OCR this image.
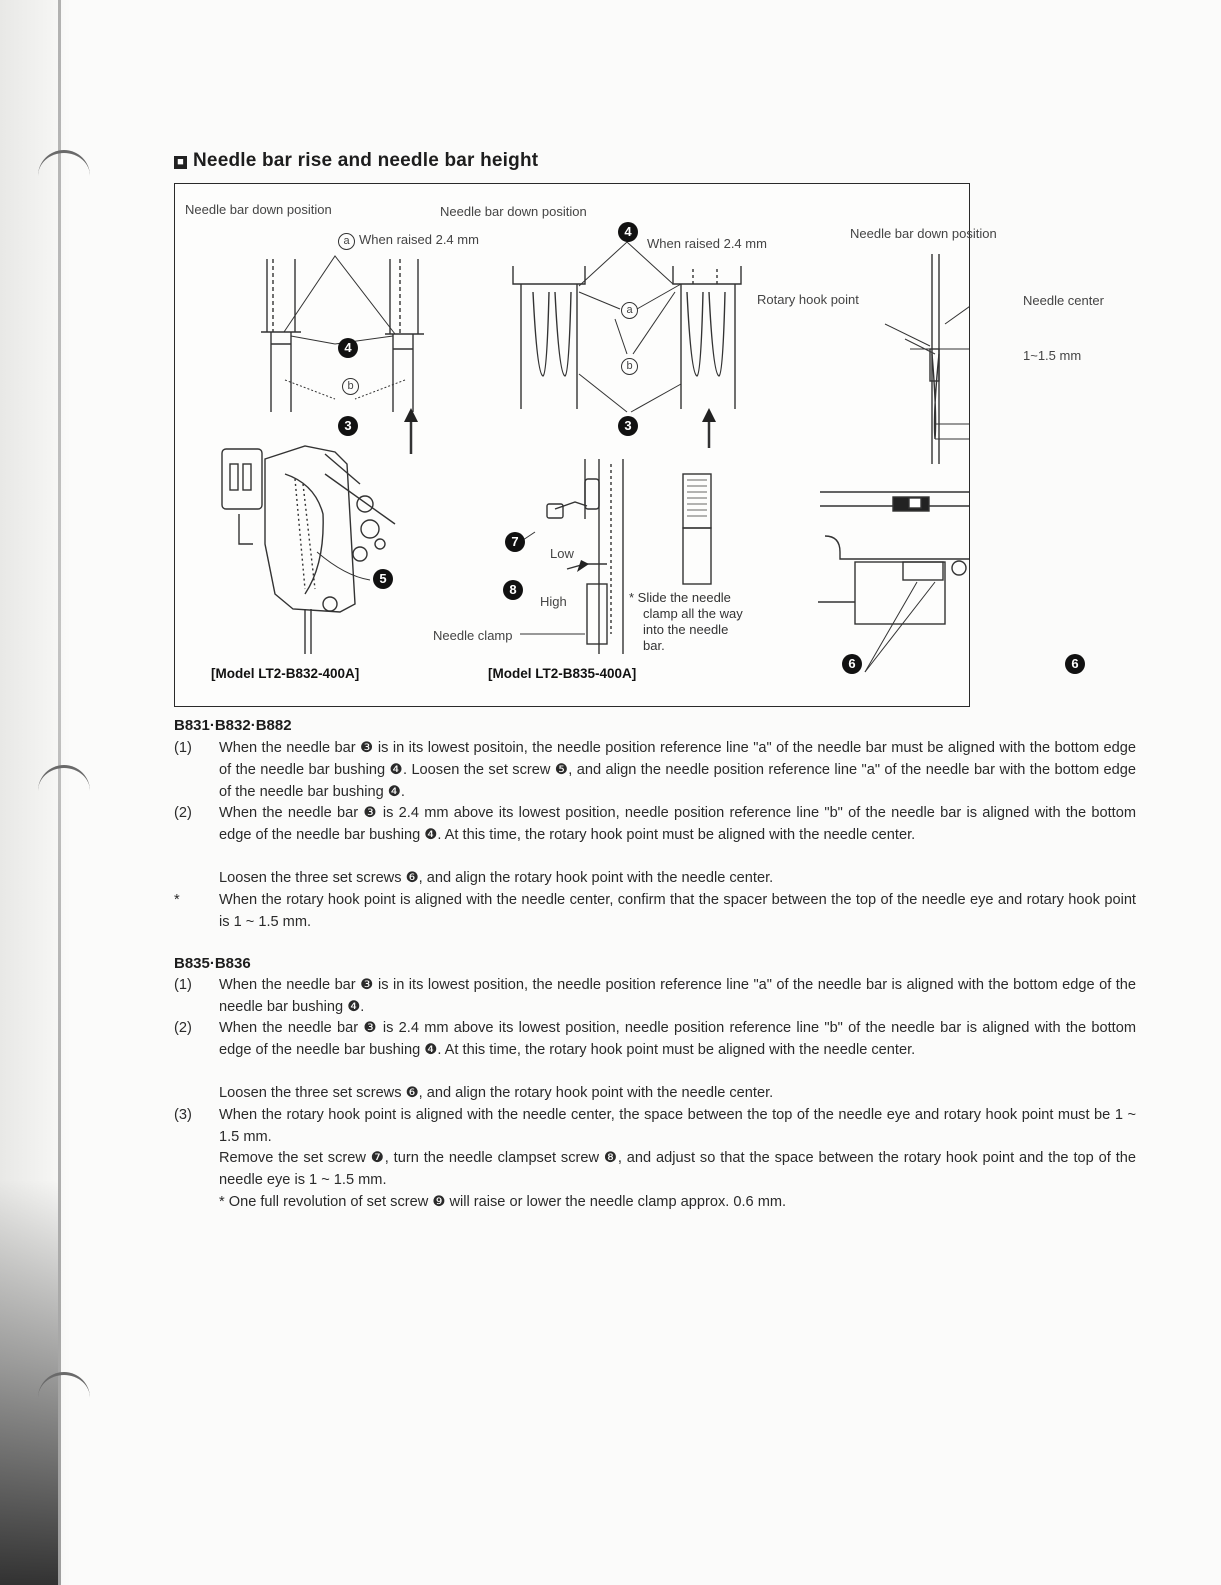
■ Needle bar rise and needle bar height
Needle bar down position	Needle bar down position
Needle bar down position
a When raised 2.4 mm	When raised 2.4 mm
Rotary hook point	Needle center
1~1.5 mm
b
a
b
Low
High
Needle clamp
* Slide the needle
clamp all the way
into the needle
bar.
4
3
4
3
5
7
8
6	6
[Model LT2-B832-400A]	[Model LT2-B835-400A]
B831·B832·B882
(1) When the needle bar ❸ is in its lowest positoin, the needle position reference line "a" of the needle bar must be aligned with the bottom edge of the needle bar bushing ❹. Loosen the set screw ❺, and align the needle position reference line "a" of the needle bar with the bottom edge of the needle bar bushing ❹.
(2) When the needle bar ❸ is 2.4 mm above its lowest position, needle position reference line "b" of the needle bar is aligned with the bottom edge of the needle bar bushing ❹. At this time, the rotary hook point must be aligned with the needle center.
Loosen the three set screws ❻, and align the rotary hook point with the needle center.
*	When the rotary hook point is aligned with the needle center, confirm that the spacer between the top of the needle eye and rotary hook point is 1 ~ 1.5 mm.
B835·B836
(1) When the needle bar ❸ is in its lowest position, the needle position reference line "a" of the needle bar is aligned with the bottom edge of the needle bar bushing ❹.
(2) When the needle bar ❸ is 2.4 mm above its lowest position, needle position reference line "b" of the needle bar is aligned with the bottom edge of the needle bar bushing ❹. At this time, the rotary hook point must be aligned with the needle center.
Loosen the three set screws ❻, and align the rotary hook point with the needle center.
(3) When the rotary hook point is aligned with the needle center, the space between the top of the needle eye and rotary hook point must be 1 ~ 1.5 mm.
Remove the set screw ❼, turn the needle clampset screw ❽, and adjust so that the space between the rotary hook point and the top of the needle eye is 1 ~ 1.5 mm.
* One full revolution of set screw ❾ will raise or lower the needle clamp approx. 0.6 mm.
